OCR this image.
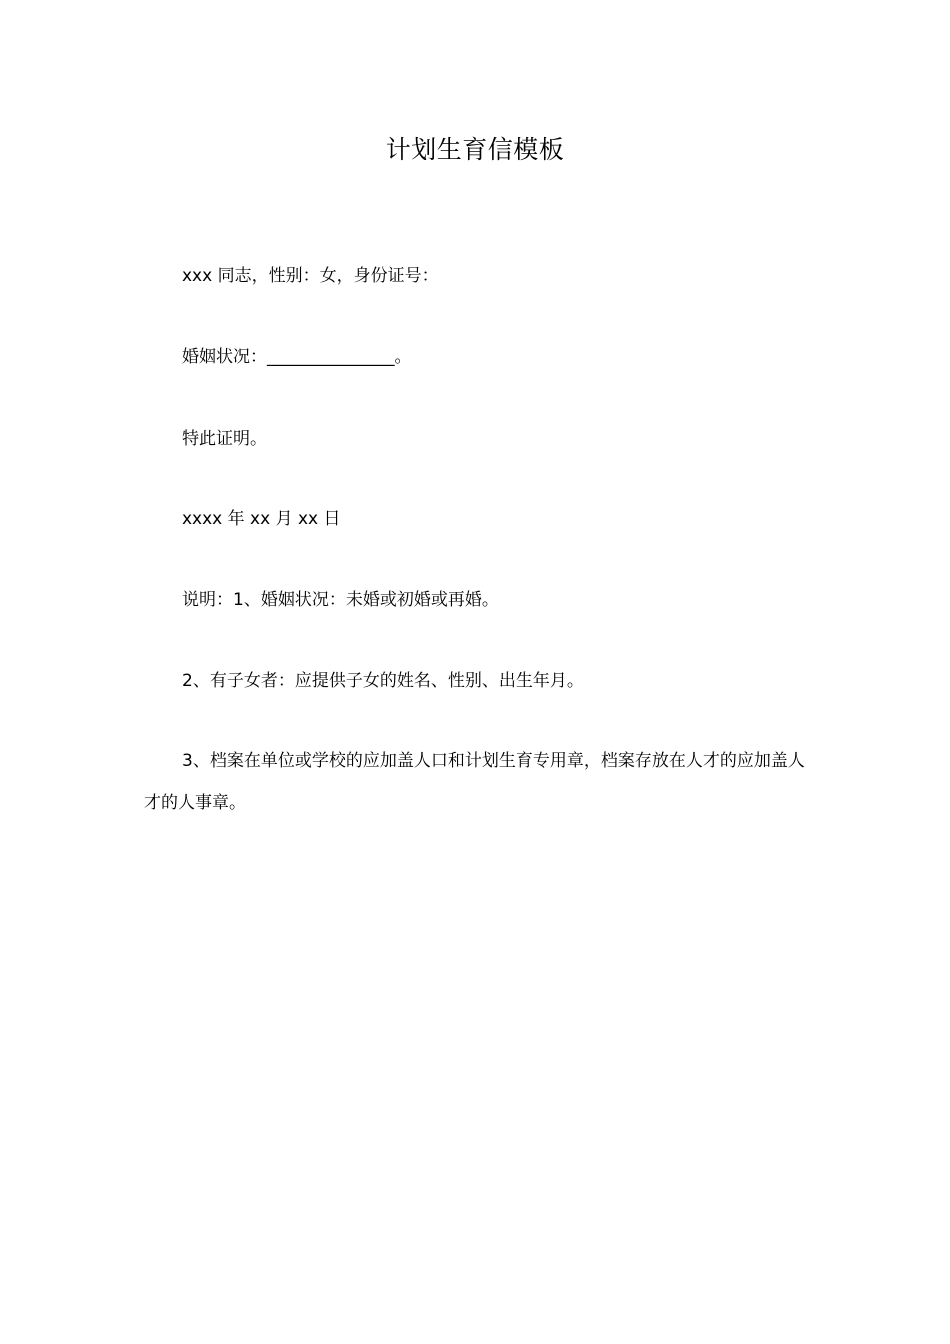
计划生育信模板
xxx 同志，性别：女，身份证号：
婚姻状况：_______________。
特此证明。
xxxx 年 xx 月 xx 日
说明：1、婚姻状况：未婚或初婚或再婚。
2、有子女者：应提供子女的姓名、性别、出生年月。
3、档案在单位或学校的应加盖人口和计划生育专用章，档案存放在人才的应加盖人才的人事章。
